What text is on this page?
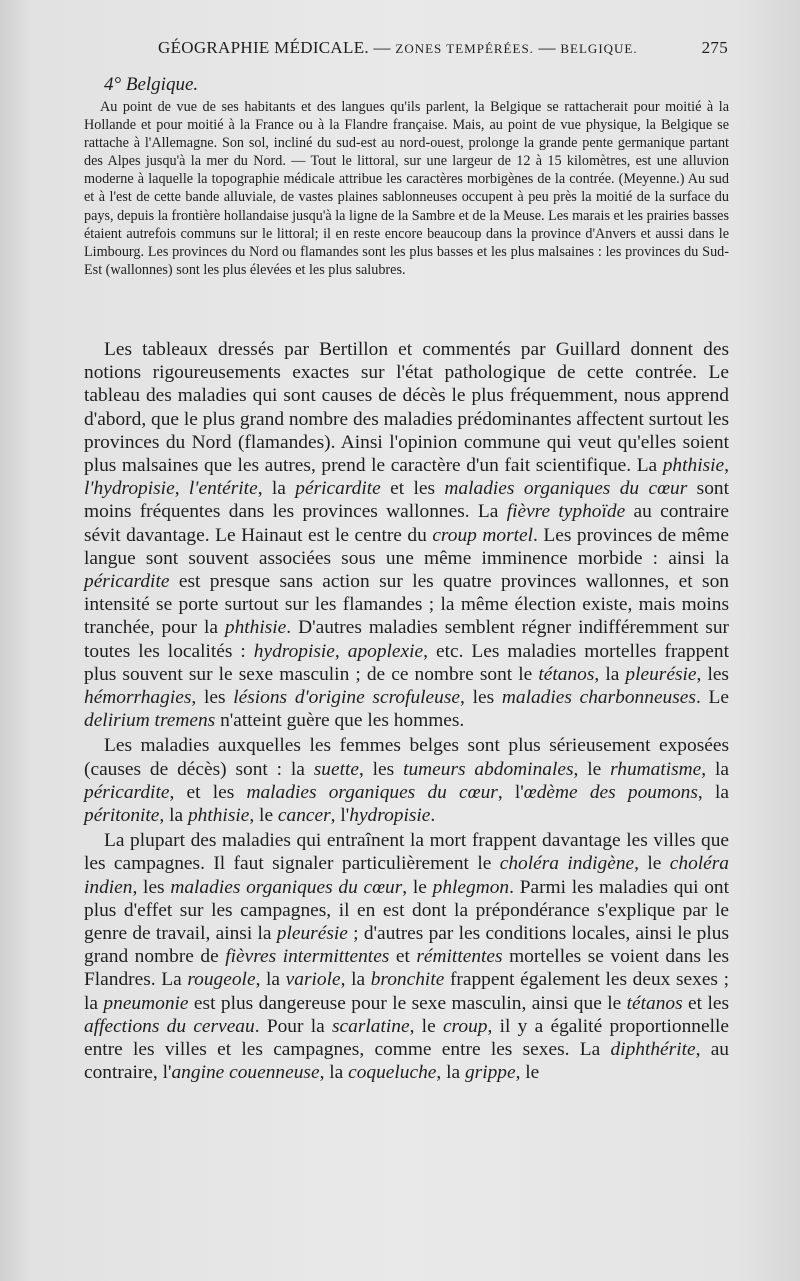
GÉOGRAPHIE MÉDICALE. — ZONES TEMPÉRÉES. — BELGIQUE.	275
4° Belgique.

Au point de vue de ses habitants et des langues qu'ils parlent, la Belgique se rattacherait pour moitié à la Hollande et pour moitié à la France ou à la Flandre française. Mais, au point de vue physique, la Belgique se rattache à l'Allemagne. Son sol, incliné du sud-est au nord-ouest, prolonge la grande pente germanique partant des Alpes jusqu'à la mer du Nord. — Tout le littoral, sur une largeur de 12 à 15 kilomètres, est une alluvion moderne à laquelle la topographie médicale attribue les caractères morbigènes de la contrée. (Meyenne.) Au sud et à l'est de cette bande alluviale, de vastes plaines sablonneuses occupent à peu près la moitié de la surface du pays, depuis la frontière hollandaise jusqu'à la ligne de la Sambre et de la Meuse. Les marais et les prairies basses étaient autrefois communs sur le littoral; il en reste encore beaucoup dans la province d'Anvers et aussi dans le Limbourg. Les provinces du Nord ou flamandes sont les plus basses et les plus malsaines : les provinces du Sud-Est (wallonnes) sont les plus élevées et les plus salubres.

Les tableaux dressés par Bertillon et commentés par Guillard donnent des notions rigoureusements exactes sur l'état pathologique de cette contrée. Le tableau des maladies qui sont causes de décès le plus fréquemment, nous apprend d'abord, que le plus grand nombre des maladies prédominantes affectent surtout les provinces du Nord (flamandes). Ainsi l'opinion commune qui veut qu'elles soient plus malsaines que les autres, prend le caractère d'un fait scientifique. La phthisie, l'hydropisie, l'entérite, la péricardite et les maladies organiques du cœur sont moins fréquentes dans les provinces wallonnes. La fièvre typhoïde au contraire sévit davantage. Le Hainaut est le centre du croup mortel. Les provinces de même langue sont souvent associées sous une même imminence morbide : ainsi la péricardite est presque sans action sur les quatre provinces wallonnes, et son intensité se porte surtout sur les flamandes ; la même élection existe, mais moins tranchée, pour la phthisie. D'autres maladies semblent régner indifféremment sur toutes les localités : hydropisie, apoplexie, etc. Les maladies mortelles frappent plus souvent sur le sexe masculin ; de ce nombre sont le tétanos, la pleurésie, les hémorrhagies, les lésions d'origine scrofuleuse, les maladies charbonneuses. Le delirium tremens n'atteint guère que les hommes.

Les maladies auxquelles les femmes belges sont plus sérieusement exposées (causes de décès) sont : la suette, les tumeurs abdominales, le rhumatisme, la péricardite, et les maladies organiques du cœur, l'œdème des poumons, la péritonite, la phthisie, le cancer, l'hydropisie.

La plupart des maladies qui entraînent la mort frappent davantage les villes que les campagnes. Il faut signaler particulièrement le choléra indigène, le choléra indien, les maladies organiques du cœur, le phlegmon. Parmi les maladies qui ont plus d'effet sur les campagnes, il en est dont la prépondérance s'explique par le genre de travail, ainsi la pleurésie ; d'autres par les conditions locales, ainsi le plus grand nombre de fièvres intermittentes et rémittentes mortelles se voient dans les Flandres. La rougeole, la variole, la bronchite frappent également les deux sexes ; la pneumonie est plus dangereuse pour le sexe masculin, ainsi que le tétanos et les affections du cerveau. Pour la scarlatine, le croup, il y a égalité proportionnelle entre les villes et les campagnes, comme entre les sexes. La diphthérite, au contraire, l'angine couenneuse, la coqueluche, la grippe, le
